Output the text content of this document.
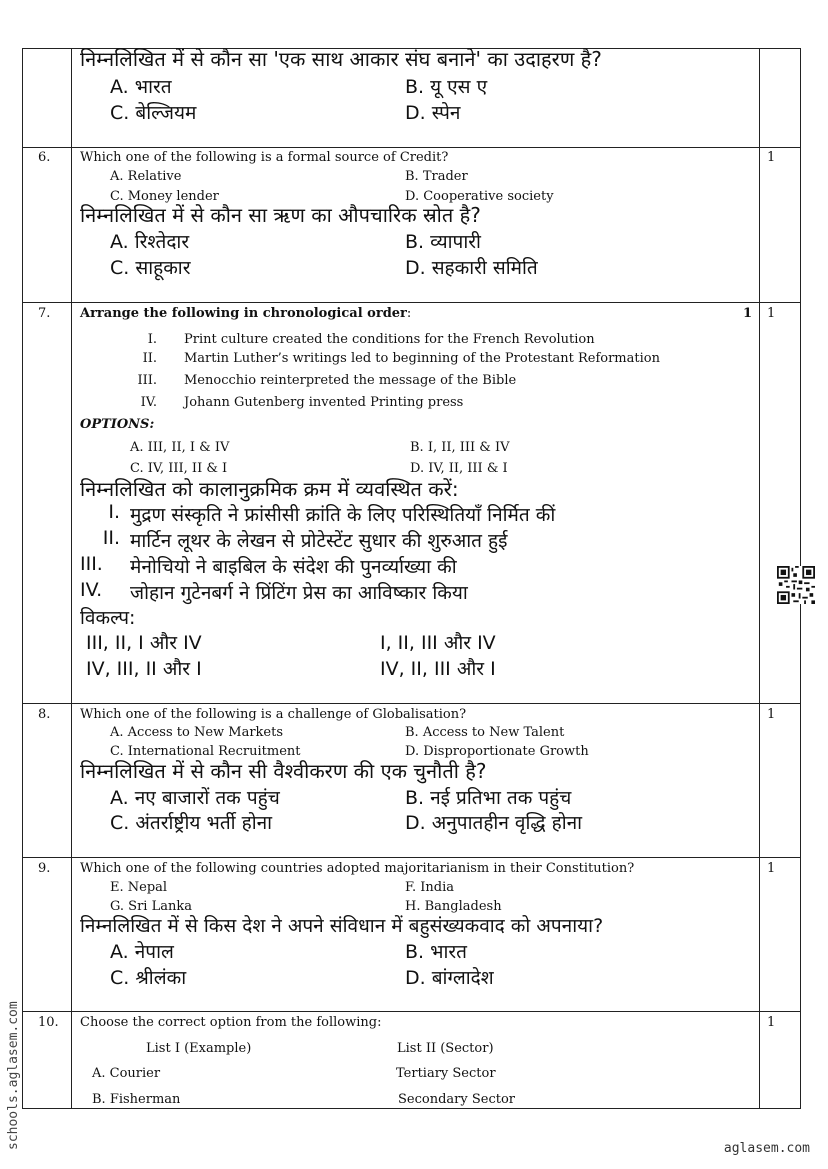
निम्नलिखित में से कौन सा 'एक साथ आकार संघ बनाने' का उदाहरण है?
A. भारत	B. यू एस ए
C. बेल्जियम	D. स्पेन
6. Which one of the following is a formal source of Credit?
A. Relative	B. Trader
C. Money lender	D. Cooperative society
निम्नलिखित में से कौन सा ऋण का औपचारिक स्रोत है?
A. रिश्तेदार	B. व्यापारी
C. साहूकार	D. सहकारी समिति
1
7. Arrange the following in chronological order:	1
I. Print culture created the conditions for the French Revolution
II. Martin Luther’s writings led to beginning of the Protestant Reformation
III. Menocchio reinterpreted the message of the Bible
IV. Johann Gutenberg invented Printing press
OPTIONS:
A. III, II, I & IV	B. I, II, III & IV
C. IV, III, II & I	D. IV, II, III & I
निम्नलिखित को कालानुक्रमिक क्रम में व्यवस्थित करें:
I. मुद्रण संस्कृति ने फ्रांसीसी क्रांति के लिए परिस्थितियाँ निर्मित कीं
II. मार्टिन लूथर के लेखन से प्रोटेस्टेंट सुधार की शुरुआत हुई
III. मेनोचियो ने बाइबिल के संदेश की पुनर्व्याख्या की
IV. जोहान गुटेनबर्ग ने प्रिंटिंग प्रेस का आविष्कार किया
विकल्प:
III, II, I और IV	I, II, III और IV
IV, III, II और I	IV, II, III और I
1
8. Which one of the following is a challenge of Globalisation?
A. Access to New Markets	B. Access to New Talent
C. International Recruitment	D. Disproportionate Growth
निम्नलिखित में से कौन सी वैश्वीकरण की एक चुनौती है?
A. नए बाजारों तक पहुंच	B. नई प्रतिभा तक पहुंच
C. अंतर्राष्ट्रीय भर्ती होना	D. अनुपातहीन वृद्धि होना
1
9. Which one of the following countries adopted majoritarianism in their Constitution?
E. Nepal	F. India
G. Sri Lanka	H. Bangladesh
निम्नलिखित में से किस देश ने अपने संविधान में बहुसंख्यकवाद को अपनाया?
A. नेपाल	B. भारत
C. श्रीलंका	D. बांग्लादेश
1
10. Choose the correct option from the following:
List I (Example)	List II (Sector)
A. Courier	Tertiary Sector
B. Fisherman	Secondary Sector
1
aglasem.com
schools.aglasem.com
